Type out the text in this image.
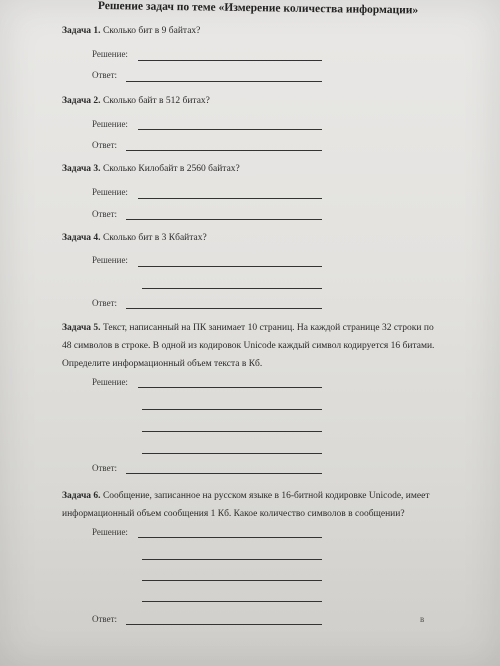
Решение задач по теме «Измерение количества информации»
Задача 1. Сколько бит в 9 байтах?
Решение:
Ответ:
Задача 2. Сколько байт в 512 битах?
Решение:
Ответ:
Задача 3. Сколько Килобайт в 2560 байтах?
Решение:
Ответ:
Задача 4. Сколько бит в 3 Кбайтах?
Решение:
Ответ:
Задача 5. Текст, написанный на ПК занимает 10 страниц. На каждой странице 32 строки по
48 символов в строке. В одной из кодировок Unicode каждый символ кодируется 16 битами.
Определите информационный объем текста в Кб.
Решение:
Ответ:
Задача 6. Сообщение, записанное на русском языке в 16-битной кодировке Unicode, имеет
информационный объем сообщения 1 Кб. Какое количество символов в сообщении?
Решение:
Ответ:	в
